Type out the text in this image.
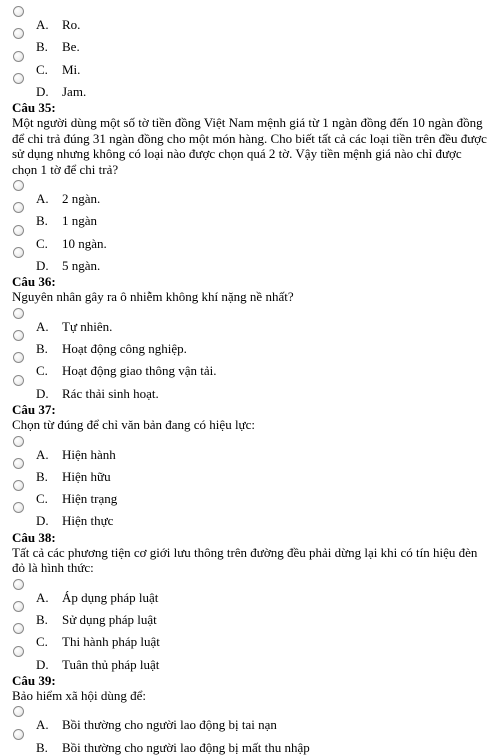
A. Ro.
B. Be.
C. Mi.
D. Jam.
Câu 35:

Một người dùng một số tờ tiền đồng Việt Nam mệnh giá từ 1 ngàn đồng đến 10 ngàn đồng để chi trả đúng 31 ngàn đồng cho một món hàng. Cho biết tất cả các loại tiền trên đều được sử dụng nhưng không có loại nào được chọn quá 2 tờ. Vậy tiền mệnh giá nào chỉ được chọn 1 tờ để chi trả?

A. 2 ngàn.
B. 1 ngàn
C. 10 ngàn.
D. 5 ngàn.
Câu 36:

Nguyên nhân gây ra ô nhiễm không khí nặng nề nhất?

A. Tự nhiên.
B. Hoạt động công nghiệp.
C. Hoạt động giao thông vận tải.
D. Rác thải sinh hoạt.
Câu 37:

Chọn từ đúng để chỉ văn bản đang có hiệu lực:

A. Hiện hành
B. Hiện hữu
C. Hiện trạng
D. Hiện thực
Câu 38:

Tất cả các phương tiện cơ giới lưu thông trên đường đều phải dừng lại khi có tín hiệu đèn đỏ là hình thức:

A. Áp dụng pháp luật
B. Sử dụng pháp luật
C. Thi hành pháp luật
D. Tuân thủ pháp luật
Câu 39:

Bảo hiểm xã hội dùng để:

A. Bồi thường cho người lao động bị tai nạn
B. Bồi thường cho người lao động bị mất thu nhập
